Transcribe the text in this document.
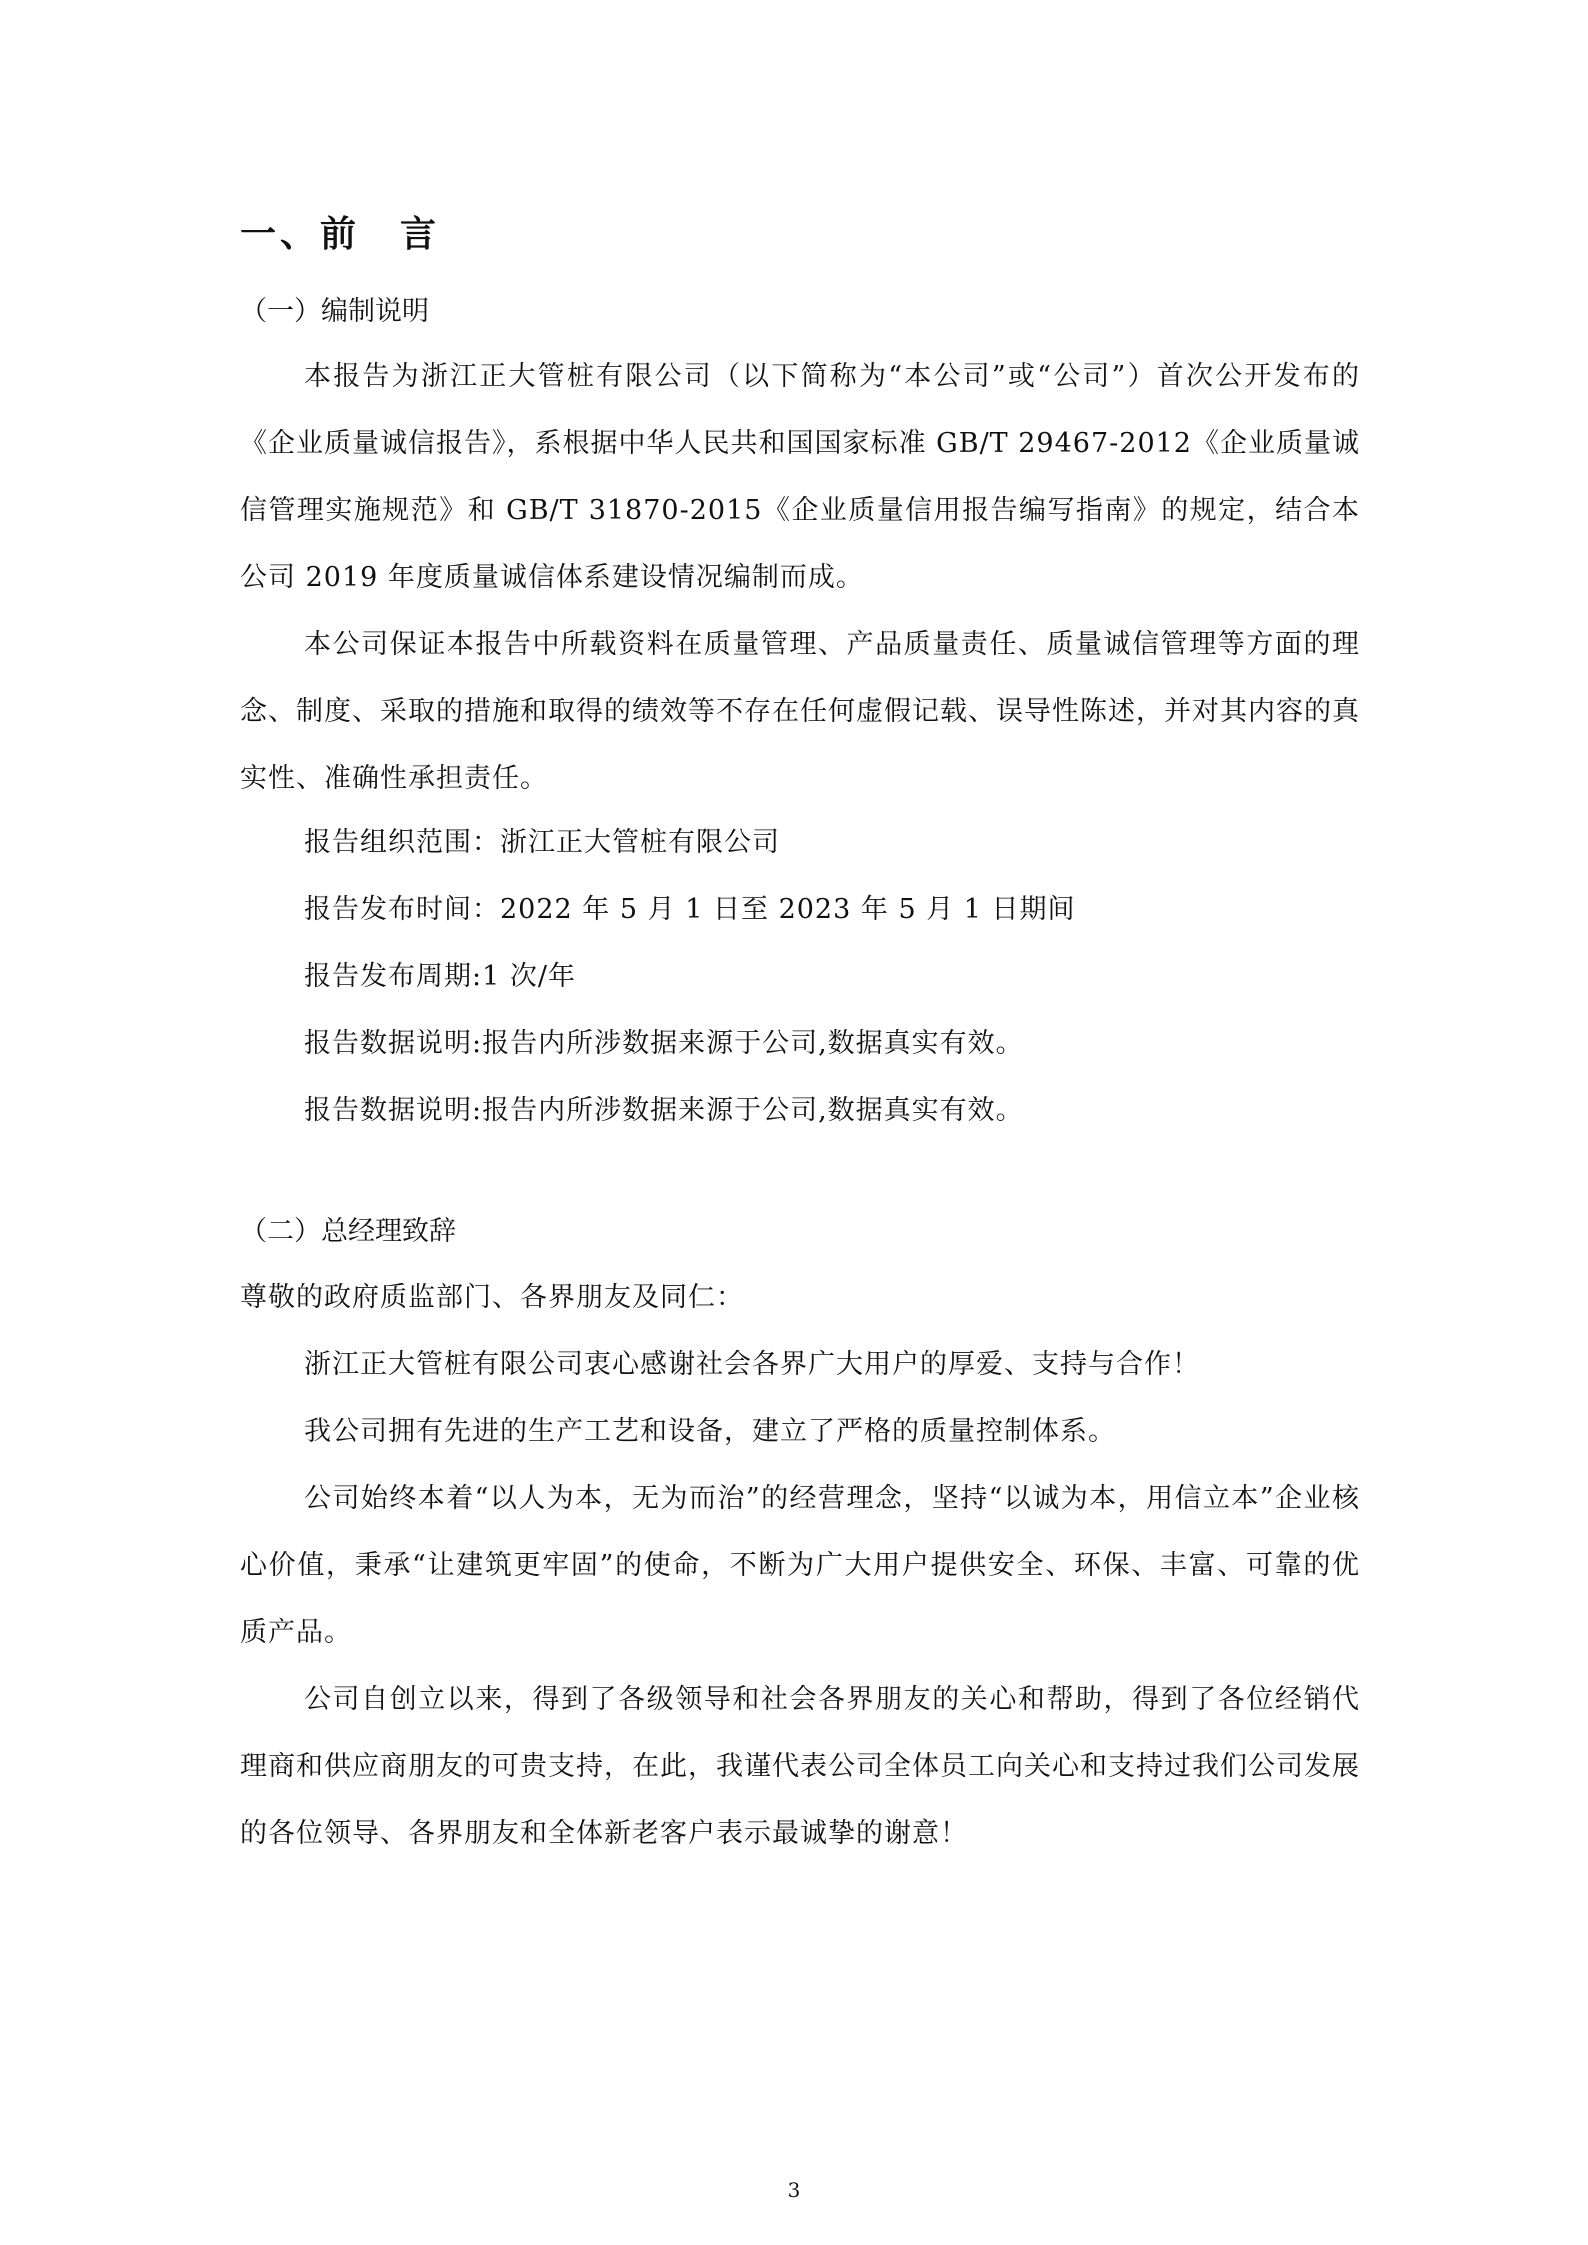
一、前　言
（一）编制说明

本报告为浙江正大管桩有限公司（以下简称为“本公司”或“公司”）首次公开发布的《企业质量诚信报告》，系根据中华人民共和国国家标准 GB/T 29467-2012《企业质量诚信管理实施规范》和 GB/T 31870-2015《企业质量信用报告编写指南》的规定，结合本公司 2019 年度质量诚信体系建设情况编制而成。

本公司保证本报告中所载资料在质量管理、产品质量责任、质量诚信管理等方面的理念、制度、采取的措施和取得的绩效等不存在任何虚假记载、误导性陈述，并对其内容的真实性、准确性承担责任。

报告组织范围：浙江正大管桩有限公司
报告发布时间：2022 年 5 月 1 日至 2023 年 5 月 1 日期间
报告发布周期:1 次/年
报告数据说明:报告内所涉数据来源于公司,数据真实有效。
报告数据说明:报告内所涉数据来源于公司,数据真实有效。
（二）总经理致辞
尊敬的政府质监部门、各界朋友及同仁：
浙江正大管桩有限公司衷心感谢社会各界广大用户的厚爱、支持与合作！
我公司拥有先进的生产工艺和设备，建立了严格的质量控制体系。

公司始终本着“以人为本，无为而治”的经营理念，坚持“以诚为本，用信立本”企业核心价值，秉承“让建筑更牢固”的使命，不断为广大用户提供安全、环保、丰富、可靠的优质产品。

公司自创立以来，得到了各级领导和社会各界朋友的关心和帮助，得到了各位经销代理商和供应商朋友的可贵支持，在此，我谨代表公司全体员工向关心和支持过我们公司发展的各位领导、各界朋友和全体新老客户表示最诚挚的谢意！

3
